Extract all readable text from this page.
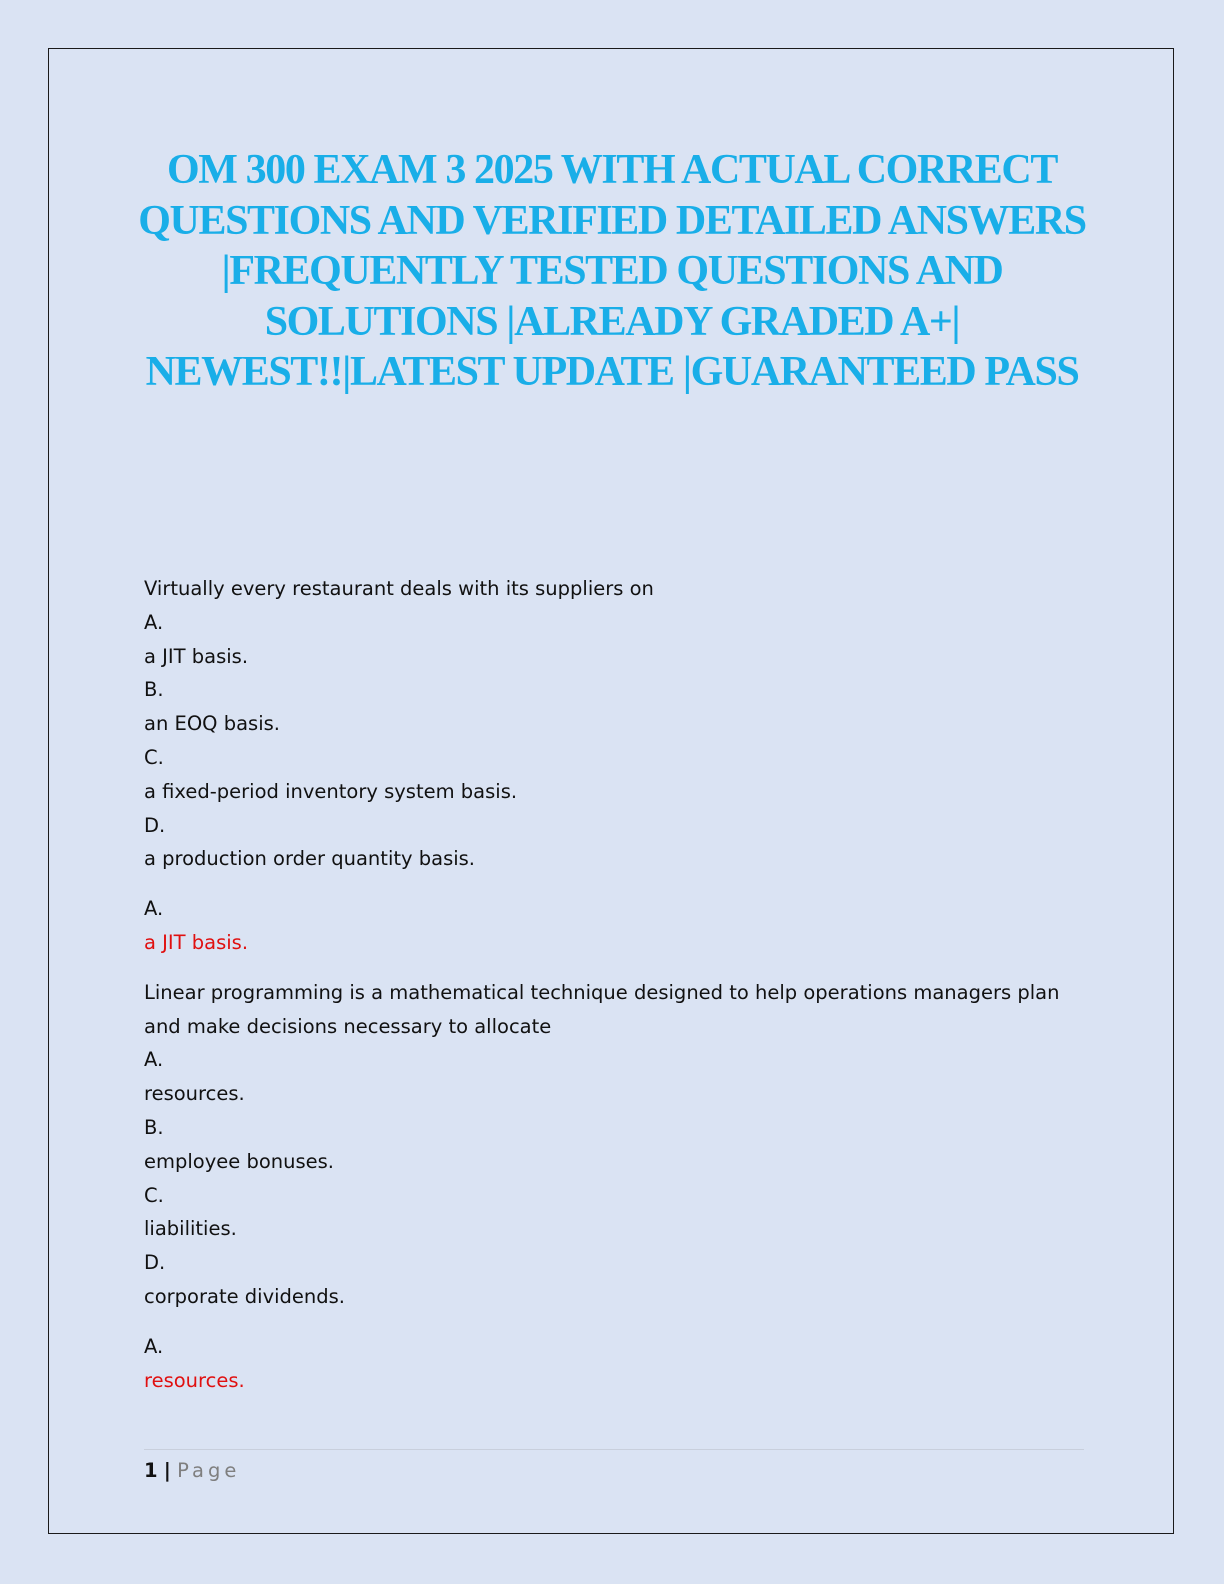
OM 300 EXAM 3 2025 WITH ACTUAL CORRECT QUESTIONS AND VERIFIED DETAILED ANSWERS |FREQUENTLY TESTED QUESTIONS AND SOLUTIONS |ALREADY GRADED A+| NEWEST!!|LATEST UPDATE |GUARANTEED PASS
Virtually every restaurant deals with its suppliers on
A.
a JIT basis.
B.
an EOQ basis.
C.
a fixed-period inventory system basis.
D.
a production order quantity basis.
A.
a JIT basis.
Linear programming is a mathematical technique designed to help operations managers plan and make decisions necessary to allocate
A.
resources.
B.
employee bonuses.
C.
liabilities.
D.
corporate dividends.
A.
resources.
1 | Page
